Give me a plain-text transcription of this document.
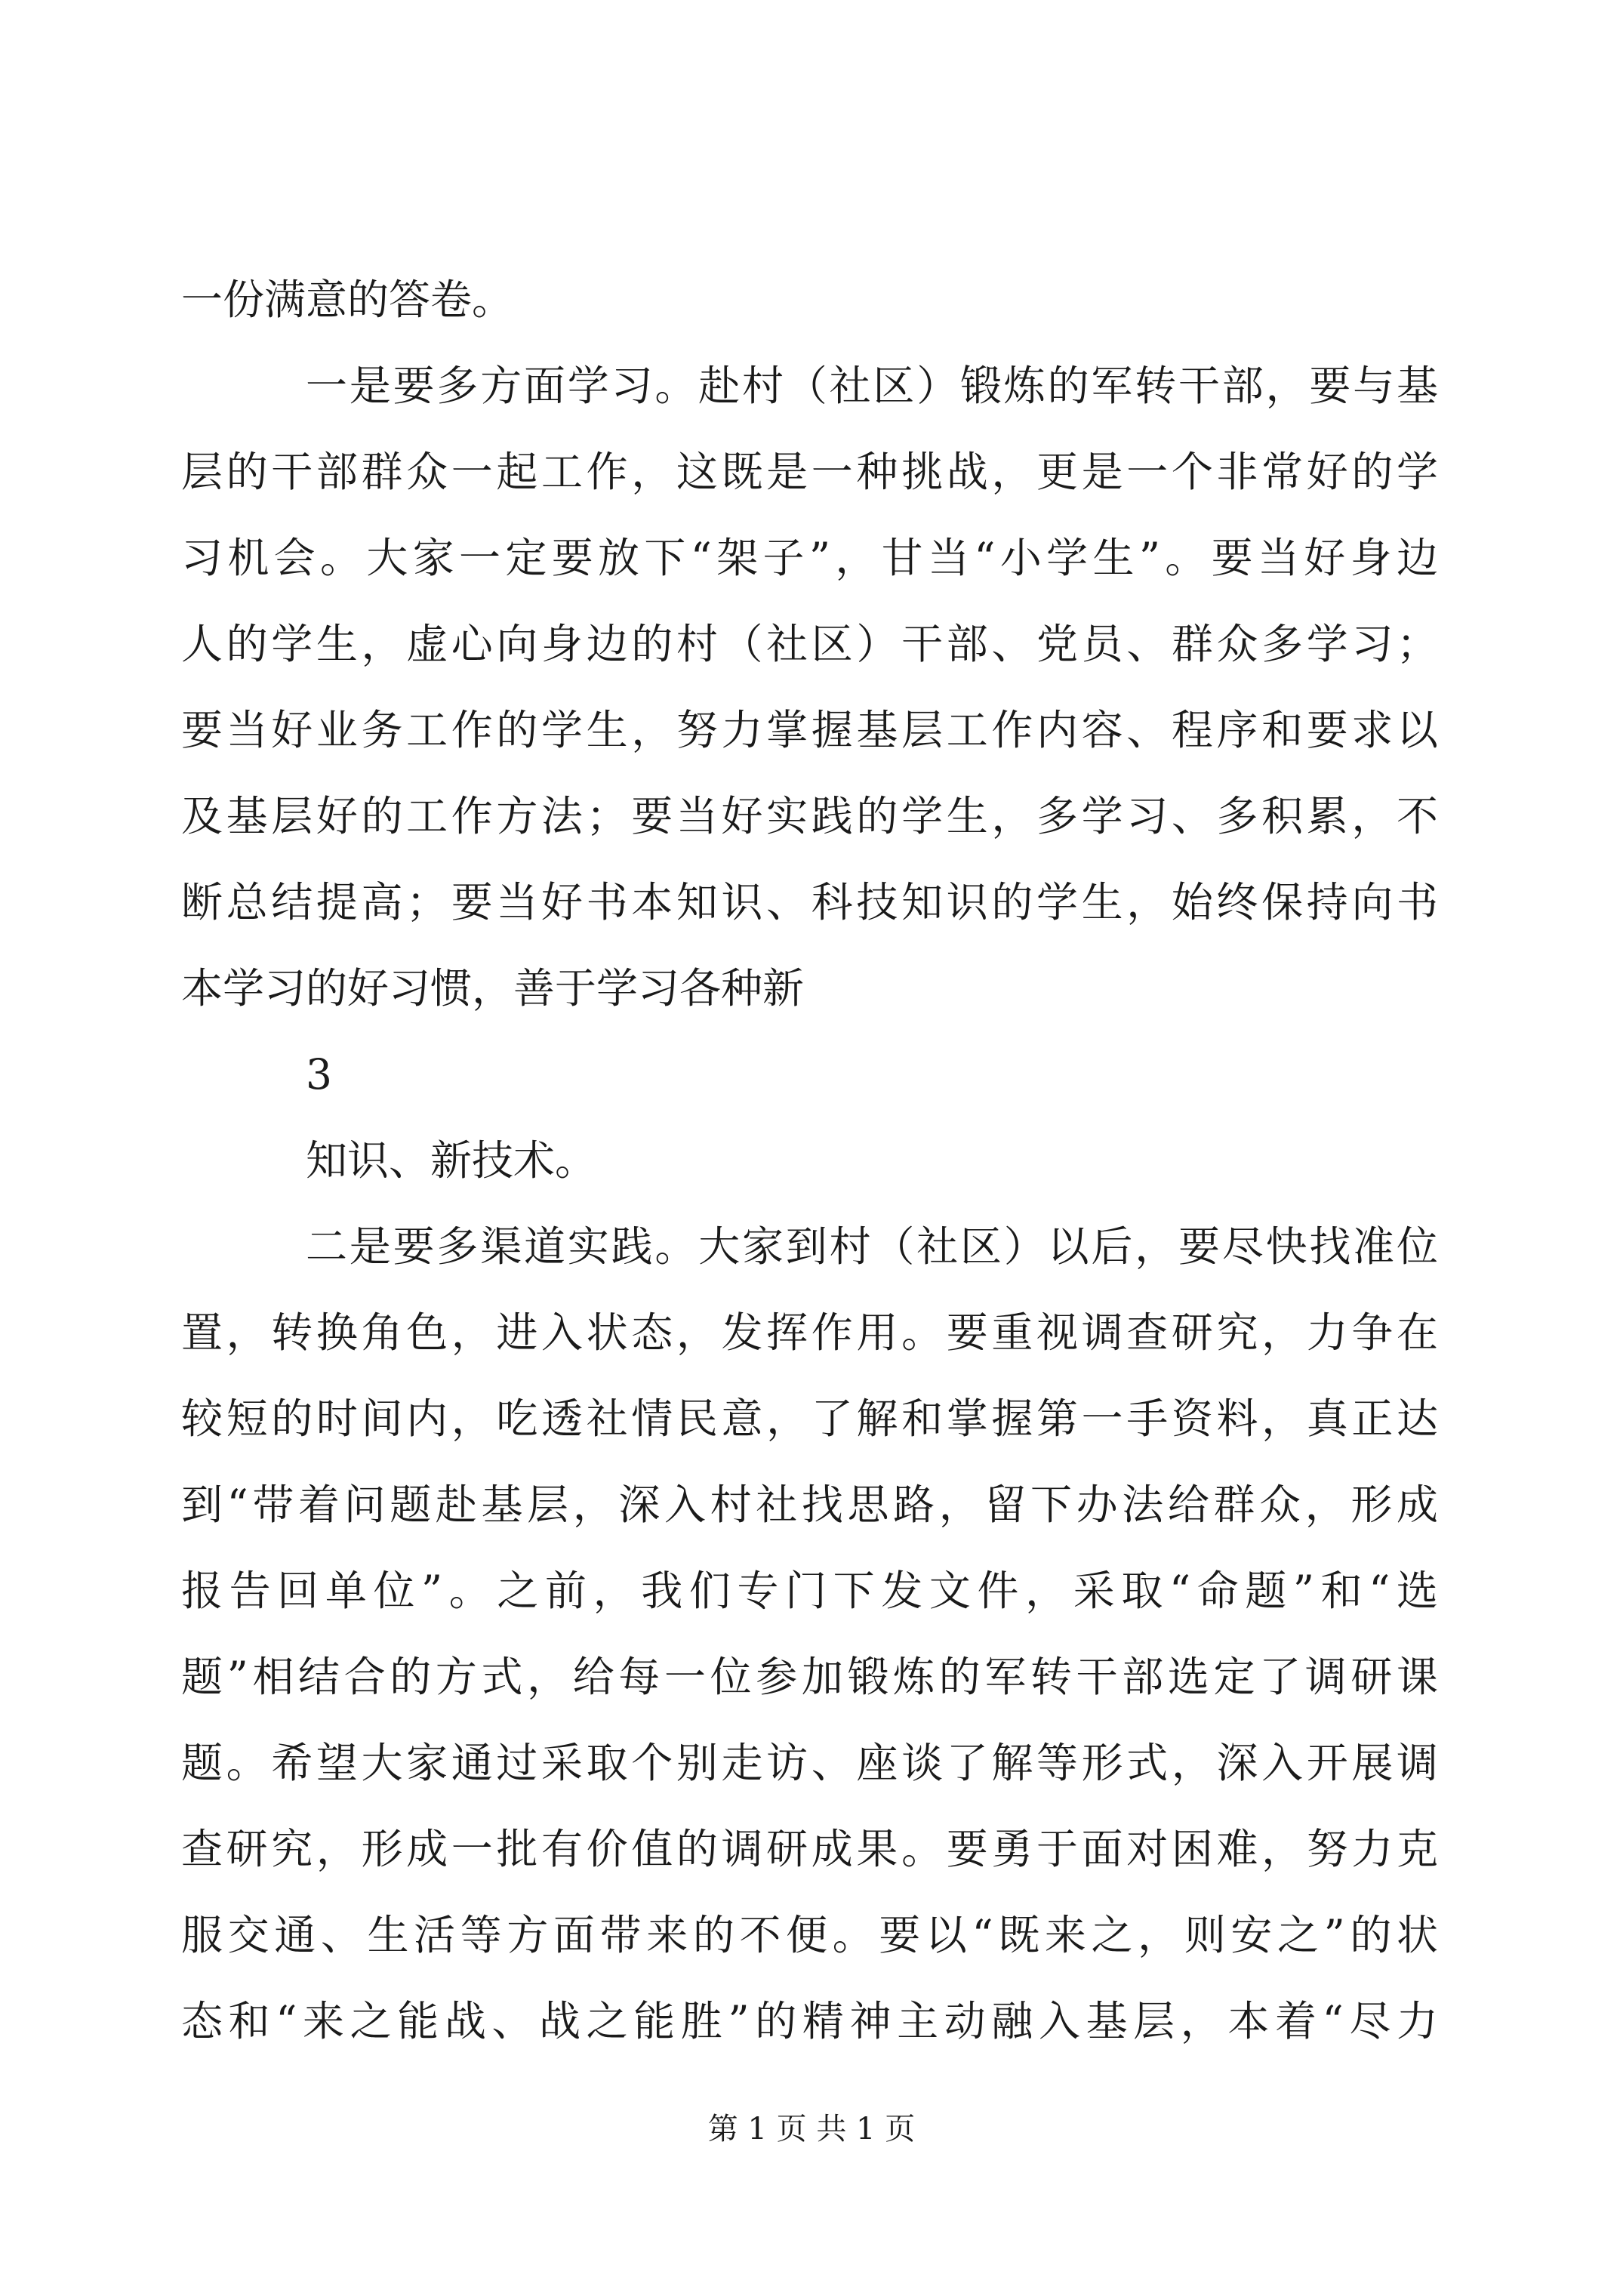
一份满意的答卷。
一是要多方面学习。赴村（社区）锻炼的军转干部，要与基
层的干部群众一起工作，这既是一种挑战，更是一个非常好的学
习机会。大家一定要放下“架子”，甘当“小学生”。要当好身边
人的学生，虚心向身边的村（社区）干部、党员、群众多学习；
要当好业务工作的学生，努力掌握基层工作内容、程序和要求以
及基层好的工作方法；要当好实践的学生，多学习、多积累，不
断总结提高；要当好书本知识、科技知识的学生，始终保持向书
本学习的好习惯，善于学习各种新
3
知识、新技术。
二是要多渠道实践。大家到村（社区）以后，要尽快找准位
置，转换角色，进入状态，发挥作用。要重视调查研究，力争在
较短的时间内，吃透社情民意，了解和掌握第一手资料，真正达
到“带着问题赴基层，深入村社找思路，留下办法给群众，形成
报告回单位”。之前，我们专门下发文件，采取“命题”和“选
题”相结合的方式，给每一位参加锻炼的军转干部选定了调研课
题。希望大家通过采取个别走访、座谈了解等形式，深入开展调
查研究，形成一批有价值的调研成果。要勇于面对困难，努力克
服交通、生活等方面带来的不便。要以“既来之，则安之”的状
态和“来之能战、战之能胜”的精神主动融入基层，本着“尽力
第 1 页 共 1 页
